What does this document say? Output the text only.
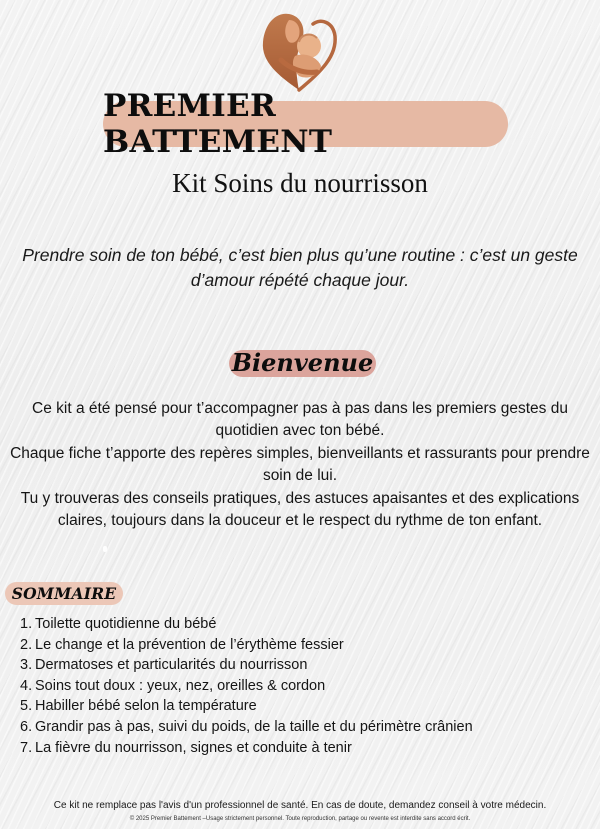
PREMIER BATTEMENT
Kit Soins du nourrisson
Prendre soin de ton bébé, c’est bien plus qu’une routine : c’est un geste d’amour répété chaque jour.
Bienvenue

Ce kit a été pensé pour t’accompagner pas à pas dans les premiers gestes du quotidien avec ton bébé.

Chaque fiche t’apporte des repères simples, bienveillants et rassurants pour prendre soin de lui.

Tu y trouveras des conseils pratiques, des astuces apaisantes et des explications claires, toujours dans la douceur et le respect du rythme de ton enfant.

SOMMAIRE
1. Toilette quotidienne du bébé
2. Le change et la prévention de l’érythème fessier
3. Dermatoses et particularités du nourrisson
4. Soins tout doux : yeux, nez, oreilles & cordon
5. Habiller bébé selon la température
6. Grandir pas à pas, suivi du poids, de la taille et du périmètre crânien
7. La fièvre du nourrisson, signes et conduite à tenir
Ce kit ne remplace pas l'avis d'un professionnel de santé. En cas de doute, demandez conseil à votre médecin.
© 2025 Premier Battement –Usage strictement personnel. Toute reproduction, partage ou revente est interdite sans accord écrit.
